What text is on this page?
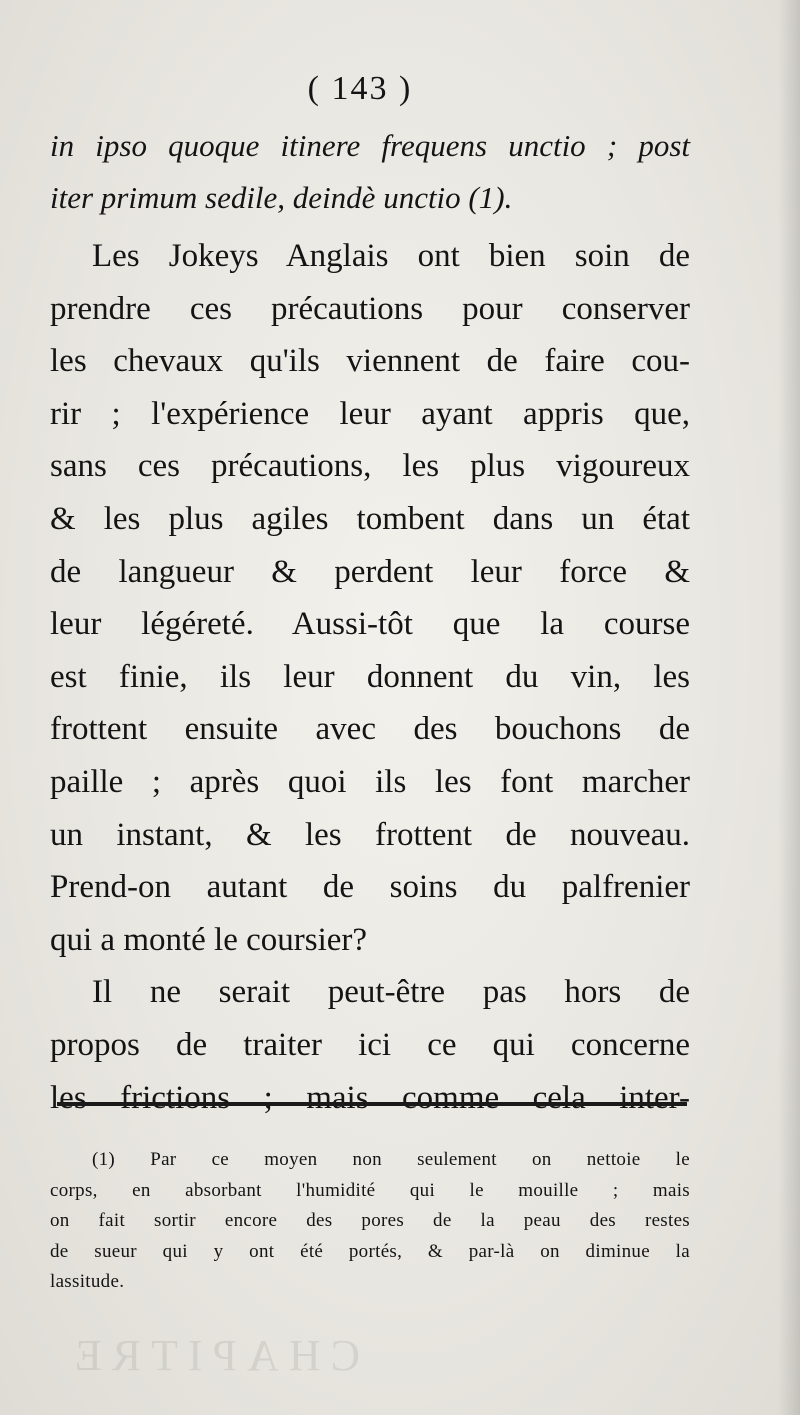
( 143 )
in ipso quoque itinere frequens unctio ; post
iter primum sedile, deindè unctio (1).
Les Jokeys Anglais ont bien soin de
prendre ces précautions pour conserver
les chevaux qu'ils viennent de faire cou-
rir ; l'expérience leur ayant appris que,
sans ces précautions, les plus vigoureux
& les plus agiles tombent dans un état
de langueur & perdent leur force &
leur légéreté. Aussi-tôt que la course
est finie, ils leur donnent du vin, les
frottent ensuite avec des bouchons de
paille ; après quoi ils les font marcher
un instant, & les frottent de nouveau.
Prend-on autant de soins du palfrenier
qui a monté le coursier?
Il ne serait peut-être pas hors de
propos de traiter ici ce qui concerne
les frictions ; mais comme cela inter-
(1) Par ce moyen non seulement on nettoie le
corps, en absorbant l'humidité qui le mouille ; mais
on fait sortir encore des pores de la peau des restes
de sueur qui y ont été portés, & par-là on diminue la
lassitude.
CHAPITRE
